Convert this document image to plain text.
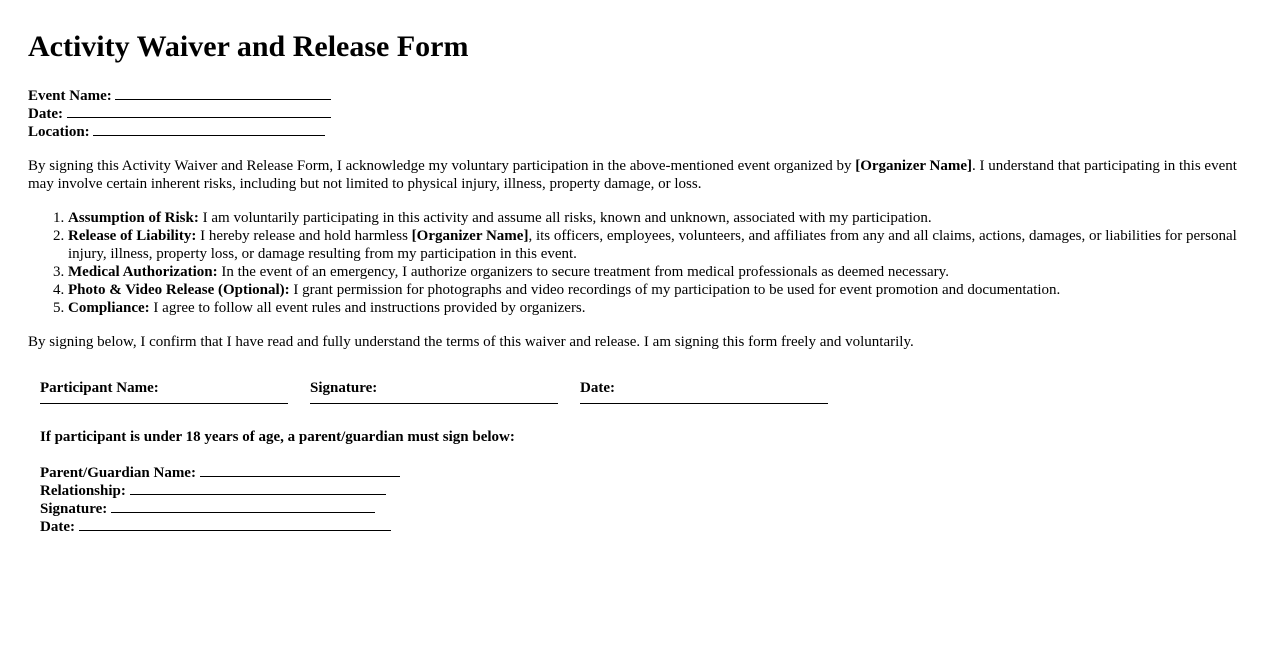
Activity Waiver and Release Form
Event Name:
Date:
Location:

By signing this Activity Waiver and Release Form, I acknowledge my voluntary participation in the above-mentioned event organized by [Organizer Name]. I understand that participating in this event may involve certain inherent risks, including but not limited to physical injury, illness, property damage, or loss.

1. Assumption of Risk: I am voluntarily participating in this activity and assume all risks, known and unknown, associated with my participation.
2. Release of Liability: I hereby release and hold harmless [Organizer Name], its officers, employees, volunteers, and affiliates from any and all claims, actions, damages, or liabilities for personal injury, illness, property loss, or damage resulting from my participation in this event.
3. Medical Authorization: In the event of an emergency, I authorize organizers to secure treatment from medical professionals as deemed necessary.
4. Photo & Video Release (Optional): I grant permission for photographs and video recordings of my participation to be used for event promotion and documentation.
5. Compliance: I agree to follow all event rules and instructions provided by organizers.

By signing below, I confirm that I have read and fully understand the terms of this waiver and release. I am signing this form freely and voluntarily.

Participant Name:	Signature:	Date:
If participant is under 18 years of age, a parent/guardian must sign below:
Parent/Guardian Name:
Relationship:
Signature:
Date:
